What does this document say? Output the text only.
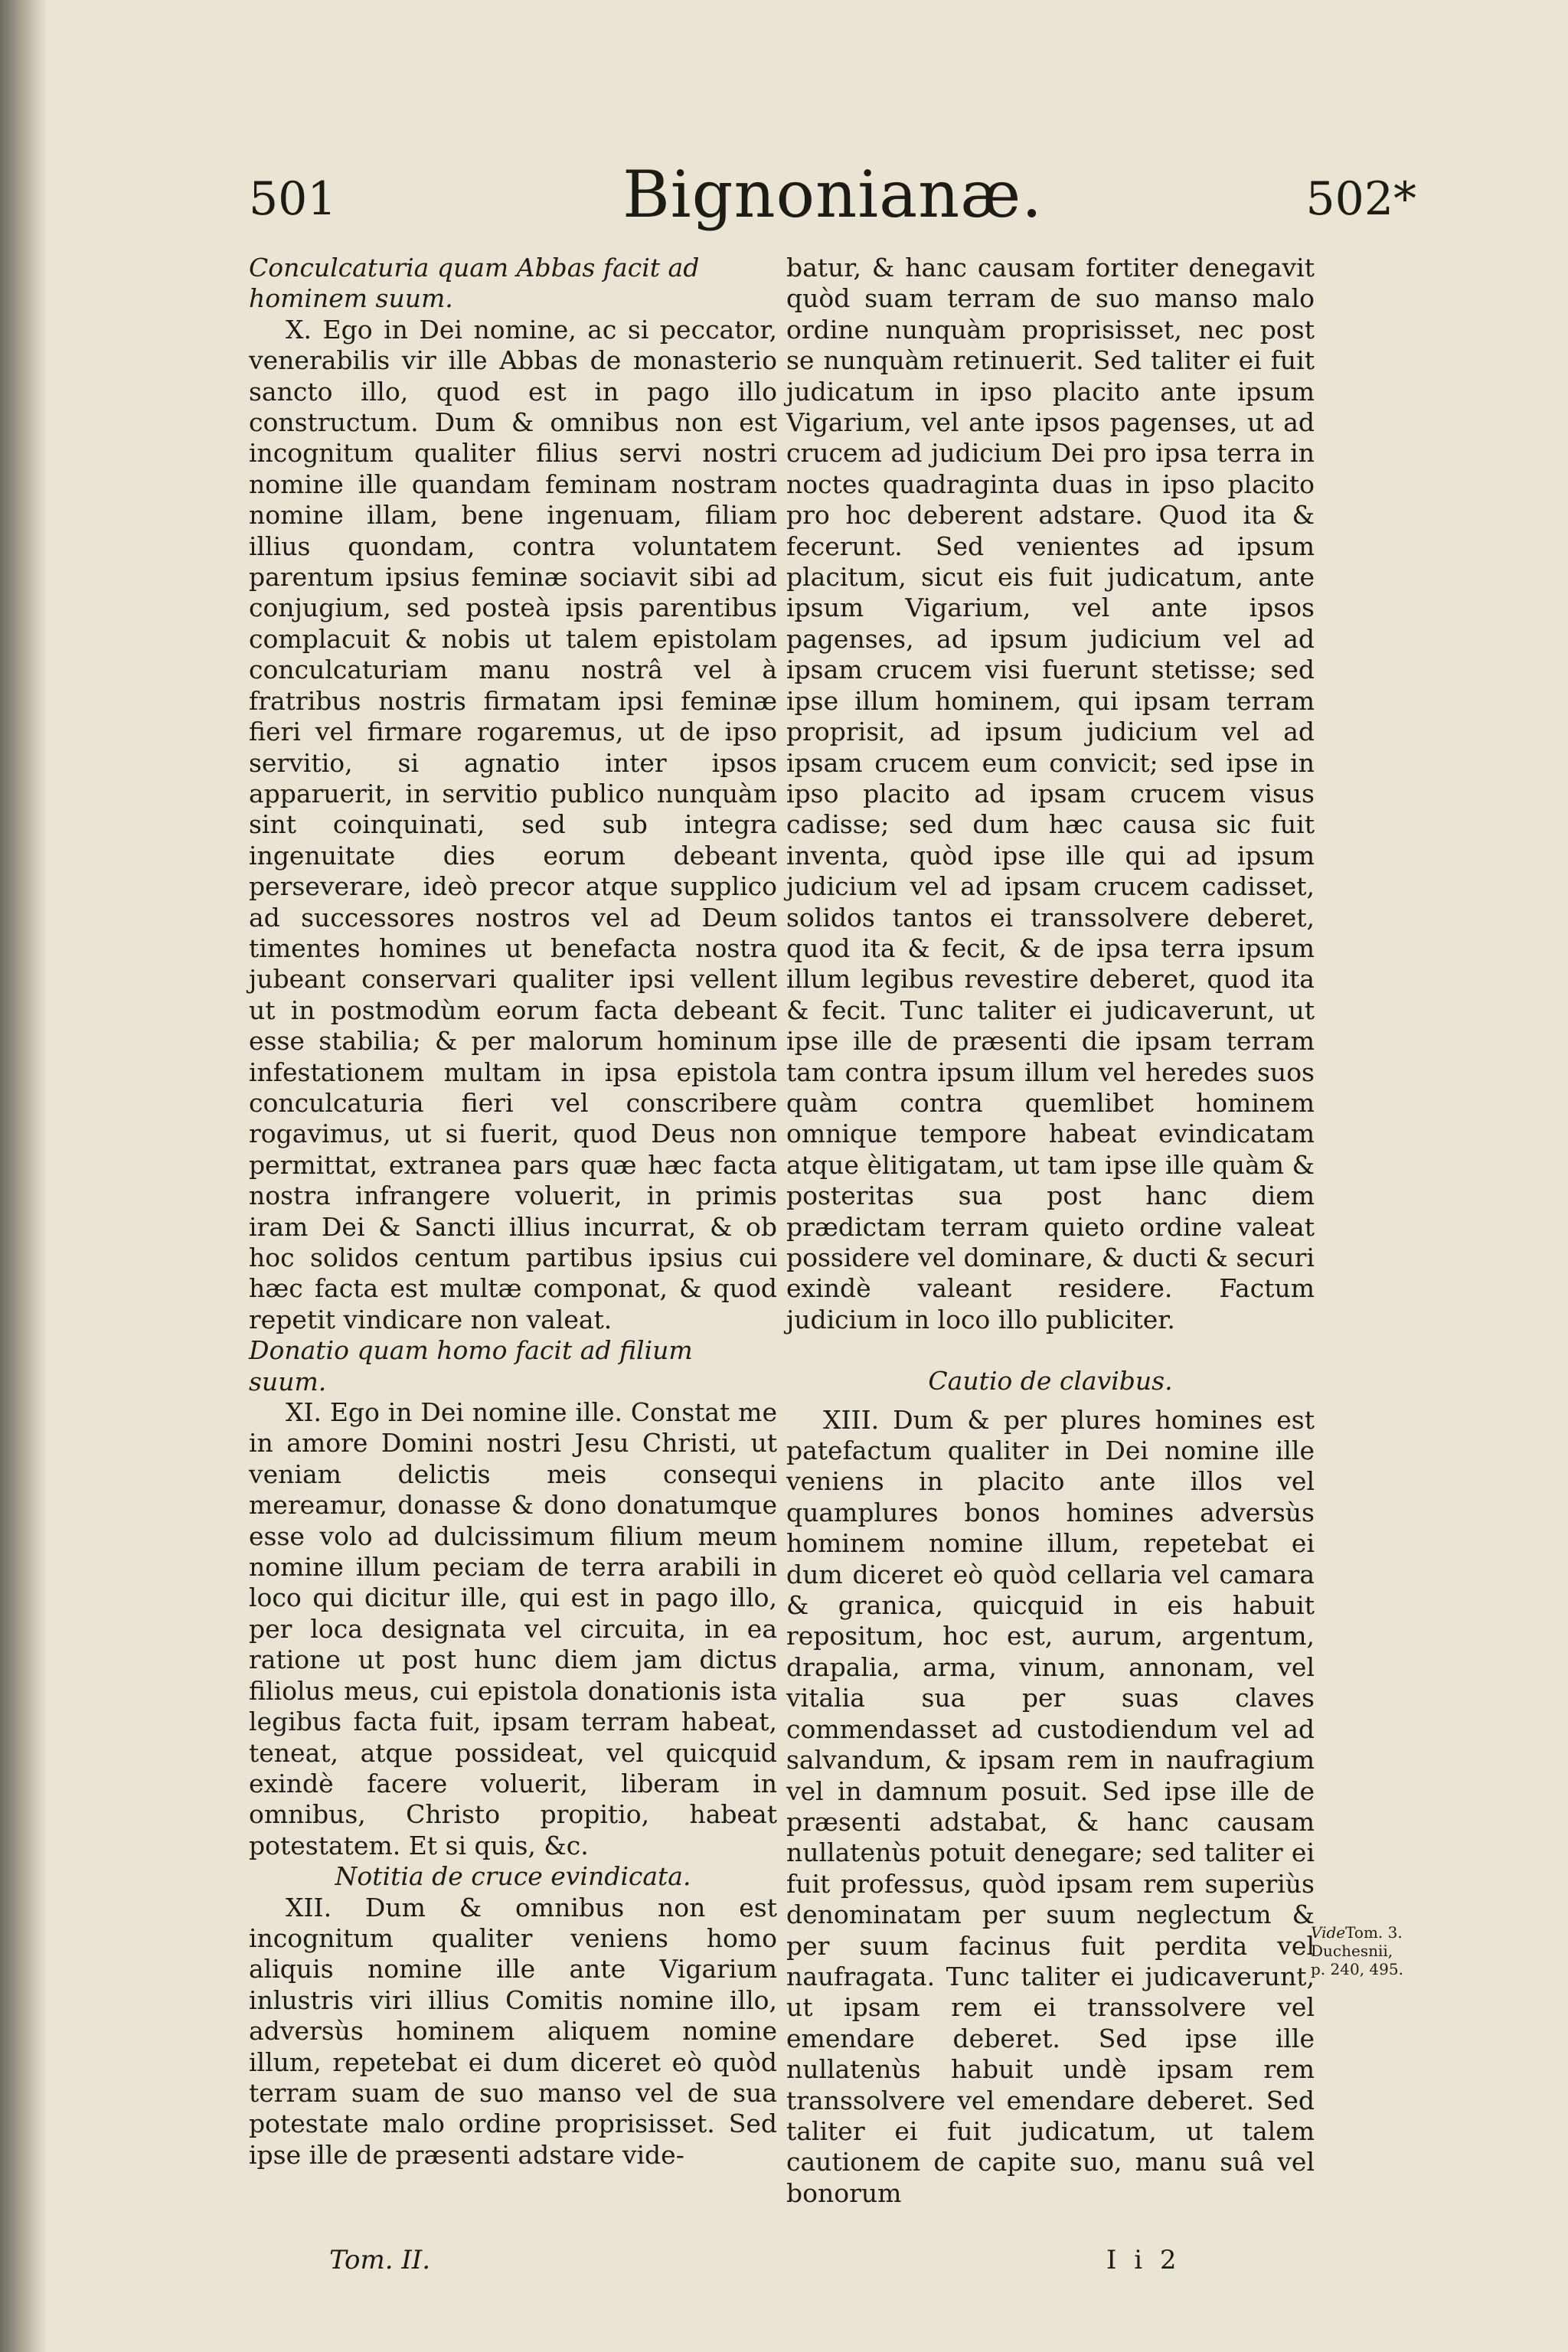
501	Bignonianæ.	502*

Conculcaturia quam Abbas facit ad hominem suum.

X. Ego in Dei nomine, ac si peccator, venerabilis vir ille Abbas de monasterio sancto illo, quod est in pago illo constructum. Dum & omnibus non est incognitum qualiter filius servi nostri nomine ille quandam feminam nostram nomine illam, bene ingenuam, filiam illius quondam, contra voluntatem parentum ipsius feminæ sociavit sibi ad conjugium, sed posteà ipsis parentibus complacuit & nobis ut talem epistolam conculcaturiam manu nostrâ vel à fratribus nostris firmatam ipsi feminæ fieri vel firmare rogaremus, ut de ipso servitio, si agnatio inter ipsos apparuerit, in servitio publico nunquàm sint coinquinati, sed sub integra ingenuitate dies eorum debeant perseverare, ideò precor atque supplico ad successores nostros vel ad Deum timentes homines ut benefacta nostra jubeant conservari qualiter ipsi vellent ut in postmodùm eorum facta debeant esse stabilia; & per malorum hominum infestationem multam in ipsa epistola conculcaturia fieri vel conscribere rogavimus, ut si fuerit, quod Deus non permittat, extranea pars quæ hæc facta nostra infrangere voluerit, in primis iram Dei & Sancti illius incurrat, & ob hoc solidos centum partibus ipsius cui hæc facta est multæ componat, & quod repetit vindicare non valeat.

Donatio quam homo facit ad filium suum.

XI. Ego in Dei nomine ille. Constat me in amore Domini nostri Jesu Christi, ut veniam delictis meis consequi mereamur, donasse & dono donatumque esse volo ad dulcissimum filium meum nomine illum peciam de terra arabili in loco qui dicitur ille, qui est in pago illo, per loca designata vel circuita, in ea ratione ut post hunc diem jam dictus filiolus meus, cui epistola donationis ista legibus facta fuit, ipsam terram habeat, teneat, atque possideat, vel quicquid exindè facere voluerit, liberam in omnibus, Christo propitio, habeat potestatem. Et si quis, &c.

Notitia de cruce evindicata.

XII. Dum & omnibus non est incognitum qualiter veniens homo aliquis nomine ille ante Vigarium inlustris viri illius Comitis nomine illo, adversùs hominem aliquem nomine illum, repetebat ei dum diceret eò quòd terram suam de suo manso vel de sua potestate malo ordine proprisisset. Sed ipse ille de præsenti adstare vide-

batur, & hanc causam fortiter denegavit quòd suam terram de suo manso malo ordine nunquàm proprisisset, nec post se nunquàm retinuerit. Sed taliter ei fuit judicatum in ipso placito ante ipsum Vigarium, vel ante ipsos pagenses, ut ad crucem ad judicium Dei pro ipsa terra in noctes quadraginta duas in ipso placito pro hoc deberent adstare. Quod ita & fecerunt. Sed venientes ad ipsum placitum, sicut eis fuit judicatum, ante ipsum Vigarium, vel ante ipsos pagenses, ad ipsum judicium vel ad ipsam crucem visi fuerunt stetisse; sed ipse illum hominem, qui ipsam terram proprisit, ad ipsum judicium vel ad ipsam crucem eum convicit; sed ipse in ipso placito ad ipsam crucem visus cadisse; sed dum hæc causa sic fuit inventa, quòd ipse ille qui ad ipsum judicium vel ad ipsam crucem cadisset, solidos tantos ei transsolvere deberet, quod ita & fecit, & de ipsa terra ipsum illum legibus revestire deberet, quod ita & fecit. Tunc taliter ei judicaverunt, ut ipse ille de præsenti die ipsam terram tam contra ipsum illum vel heredes suos quàm contra quemlibet hominem omnique tempore habeat evindicatam atque èlitigatam, ut tam ipse ille quàm & posteritas sua post hanc diem prædictam terram quieto ordine valeat possidere vel dominare, & ducti & securi exindè valeant residere. Factum judicium in loco illo publiciter.

Cautio de clavibus.

XIII. Dum & per plures homines est patefactum qualiter in Dei nomine ille veniens in placito ante illos vel quamplures bonos homines adversùs hominem nomine illum, repetebat ei dum diceret eò quòd cellaria vel camara & granica, quicquid in eis habuit repositum, hoc est, aurum, argentum, drapalia, arma, vinum, annonam, vel vitalia sua per suas claves commendasset ad custodiendum vel ad salvandum, & ipsam rem in naufragium vel in damnum posuit. Sed ipse ille de præsenti adstabat, & hanc causam nullatenùs potuit denegare; sed taliter ei fuit professus, quòd ipsam rem superiùs denominatam per suum neglectum & per suum facinus fuit perdita vel naufragata. Tunc taliter ei judicaverunt, ut ipsam rem ei transsolvere vel emendare deberet. Sed ipse ille nullatenùs habuit undè ipsam rem transsolvere vel emendare deberet. Sed taliter ei fuit judicatum, ut talem cautionem de capite suo, manu suâ vel bonorum

Tom. II.	I i 2
VideTom. 3.
Duchesnii,
p. 240, 495.
